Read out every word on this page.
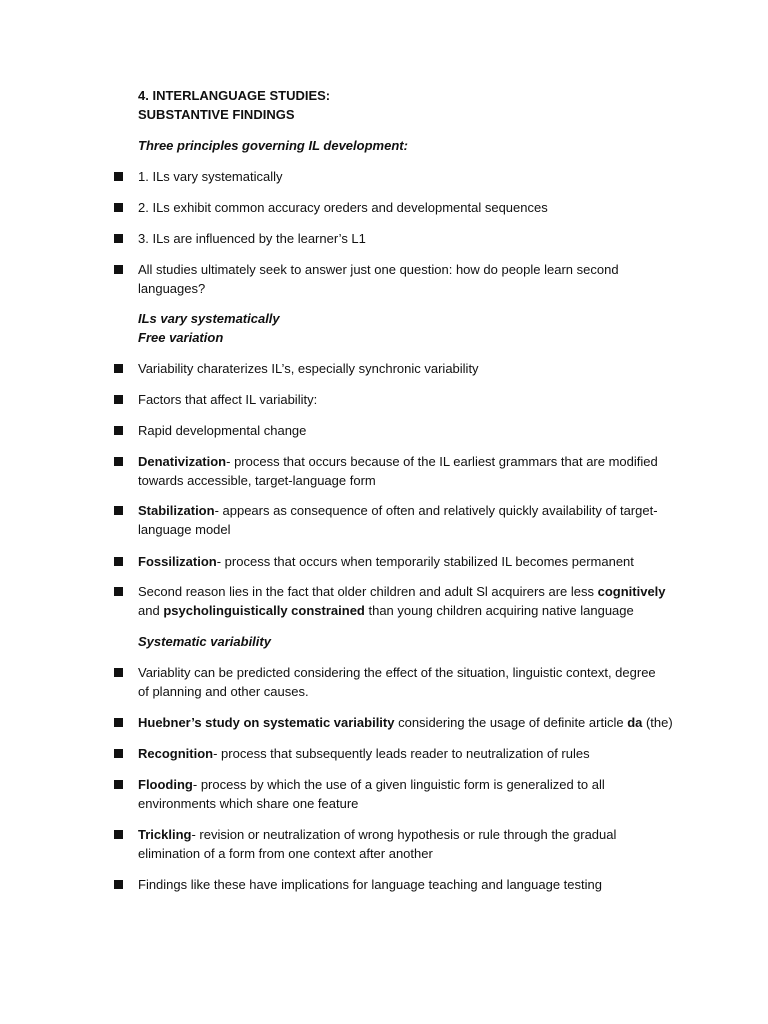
4. INTERLANGUAGE STUDIES:
SUBSTANTIVE FINDINGS
Three principles governing IL development:
1. ILs vary systematically
2. ILs exhibit common accuracy oreders and developmental sequences
3. ILs are influenced by the learner’s L1
All studies ultimately seek to answer just one question: how do people learn second
languages?
ILs vary systematically
Free variation
Variability charaterizes IL’s, especially synchronic variability
Factors that affect IL variability:
Rapid developmental change
Denativization- process that occurs because of the IL earliest grammars that are modified
towards accessible, target-language form
Stabilization- appears as consequence of often and relatively quickly availability of target-
language model
Fossilization- process that occurs when temporarily stabilized IL becomes permanent
Second reason lies in the fact that older children and adult Sl acquirers are less cognitively
and psycholinguistically constrained than young children acquiring native language
Systematic variability
Variablity can be predicted considering the effect of the situation, linguistic context, degree
of planning and other causes.
Huebner’s study on systematic variability considering the usage of definite article da (the)
Recognition- process that subsequently leads reader to neutralization of rules
Flooding- process by which the use of a given linguistic form is generalized to all
environments which share one feature
Trickling- revision or neutralization of wrong hypothesis or rule through the gradual
elimination of a form from one context after another
Findings like these have implications for language teaching and language testing
